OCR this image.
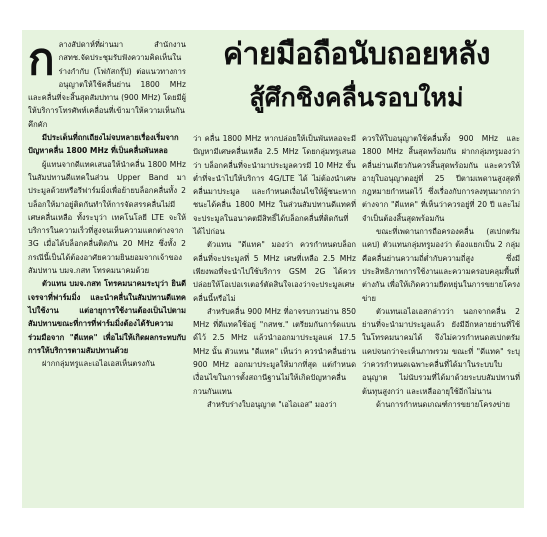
ค่ายมือถือนับถอยหลัง
สู้ศึกชิงคลื่นรอบใหม่

กลางสัปดาห์ที่ผ่านมา สำนักงาน กสทช.จัดประชุมรับฟังความคิดเห็นในร่างกำกับ (โฟกัสกรุ๊ป) ต่อแนวทางการอนุญาตให้ใช้คลื่นย่าน 1800 MHz และคลื่นที่จะสิ้นสุดสัมปทาน (900 MHz) โดยมีผู้ให้บริการโทรศัพท์เคลื่อนที่เข้ามาให้ความเห็นกันคึกคัก

มีประเด็นที่ถกเถียงไม่จบหลายเรื่องเริ่มจากปัญหาคลื่น 1800 MHz ที่เป็นคลื่นพันหลอ

ผู้แทนจากดีแทคเสนอให้นำคลื่น 1800 MHz ในสัมปทานดีแทคในส่วน Upper Band มาประมูลด้วยหรือรีฟาร์มมิ่งเพื่อย้ายบล็อกคลื่นทั้ง 2 บล็อกให้มาอยู่ติดกันทำให้การจัดสรรคลื่นไม่มีเศษคลื่นเหลือ ทั้งระบุว่า เทคโนโลยี LTE จะให้บริการในความเร็วที่สูงจนเห็นความแตกต่างจาก 3G เมื่อได้บล็อกคลื่นติดกัน 20 MHz ซึ่งทั้ง 2 กรณีนี้เป็นได้ต้องอาศัยความยินยอมจากเจ้าของสัมปทาน บมจ.กสท โทรคมนาคมด้วย

ตัวแทน บมจ.กสท โทรคมนาคมระบุว่า ยินดีเจรจาที่ฟาร์มมิ่ง และนำคลื่นในสัมปทานดีแทคไปใช้งาน แต่อายุการใช้งานต้องเป็นไปตามสัมปทานขณะที่การที่ฟาร์มมิ่งต้องได้รับความร่วมมือจาก "ดีแทค" เพื่อไม่ให้เกิดผลกระทบกับการให้บริการตามสัมปทานด้วย

ฝากกลุ่มทรูและเอไอเอสเห็นตรงกัน

ว่า คลื่น 1800 MHz หากปล่อยให้เป็นพันหลอจะมีปัญหามีเศษคลื่นเหลือ 2.5 MHz โดยกลุ่มทรูเสนอว่า บล็อกคลื่นที่จะนำมาประมูลควรมี 10 MHz ขั้นต่ำที่จะนำไปให้บริการ 4G/LTE ได้ ไม่ต้องนำเศษคลื่นมาประมูล และกำหนดเงื่อนไขให้ผู้ชนะหากชนะได้คลื่น 1800 MHz ในส่วนสัมปทานดีแทคที่จะประมูลในอนาคตมีสิทธิ์ได้บล็อกคลื่นที่ติดกันที่ได้ไปก่อน

ตัวแทน "ดีแทค" มองว่า ควรกำหนดบล็อกคลื่นที่จะประมูลที่ 5 MHz เศษที่เหลือ 2.5 MHz เพียงพอที่จะนำไปใช้บริการ GSM 2G ได้ควรปล่อยให้โอเปอเรเตอร์ตัดสินใจเองว่าจะประมูลเศษคลื่นนี้หรือไม่

สำหรับคลื่น 900 MHz ที่อาจรบกวนย่าน 850 MHz ที่ดีแทคใช้อยู่ "กสทช." เตรียมกันการ์ดแบนด์ไว้ 2.5 MHz แล้วนำออกมาประมูลแค่ 17.5 MHz นั้น ตัวแทน "ดีแทค" เห็นว่า ควรนำคลื่นย่าน 900 MHz ออกมาประมูลให้มากที่สุด แต่กำหนดเงื่อนไขในการตั้งสถานีฐานไม่ให้เกิดปัญหาคลื่นกวนกันแทน

สำหรับร่างใบอนุญาต "เอไอเอส" มองว่า

ควรให้ใบอนุญาตใช้คลื่นทั้ง 900 MHz และ 1800 MHz สิ้นสุดพร้อมกัน ฝากกลุ่มทรูมองว่า คลื่นย่านเดียวกันควรสิ้นสุดพร้อมกัน และควรให้อายุใบอนุญาตอยู่ที่ 25 ปีตามเพดานสูงสุดที่กฎหมายกำหนดไว้ ซึ่งเรื่องกับการลงทุนมากกว่า ต่างจาก "ดีแทค" ที่เห็นว่าควรอยู่ที่ 20 ปี และไม่จำเป็นต้องสิ้นสุดพร้อมกัน

ขณะที่เพดานการถือครองคลื่น (สเปกตรัมแคป) ตัวแทนกลุ่มทรูมองว่า ต้องแยกเป็น 2 กลุ่มคือคลื่นย่านความถี่ต่ำกับความถี่สูง ซึ่งมีประสิทธิภาพการใช้งานและความครอบคลุมพื้นที่ต่างกัน เพื่อให้เกิดความยืดหยุ่นในการขยายโครงข่าย

ตัวแทนเอไอเอสกล่าวว่า นอกจากคลื่น 2 ย่านที่จะนำมาประมูลแล้ว ยังมีอีกหลายย่านที่ใช้ในโทรคมนาคมได้ จึงไม่ควรกำหนดสเปกตรัมแคปจนกว่าจะเห็นภาพรวม ขณะที่ "ดีแทค" ระบุว่าควรกำหนดเฉพาะคลื่นที่ได้มาในระบบใบอนุญาต ไม่นับรวมที่ได้มาด้วยระบบสัมปทานที่ต้นทุนสูงกว่า และเหลืออายุใช้อีกไม่นาน

ด้านการกำหนดเกณฑ์การขยายโครงข่าย
